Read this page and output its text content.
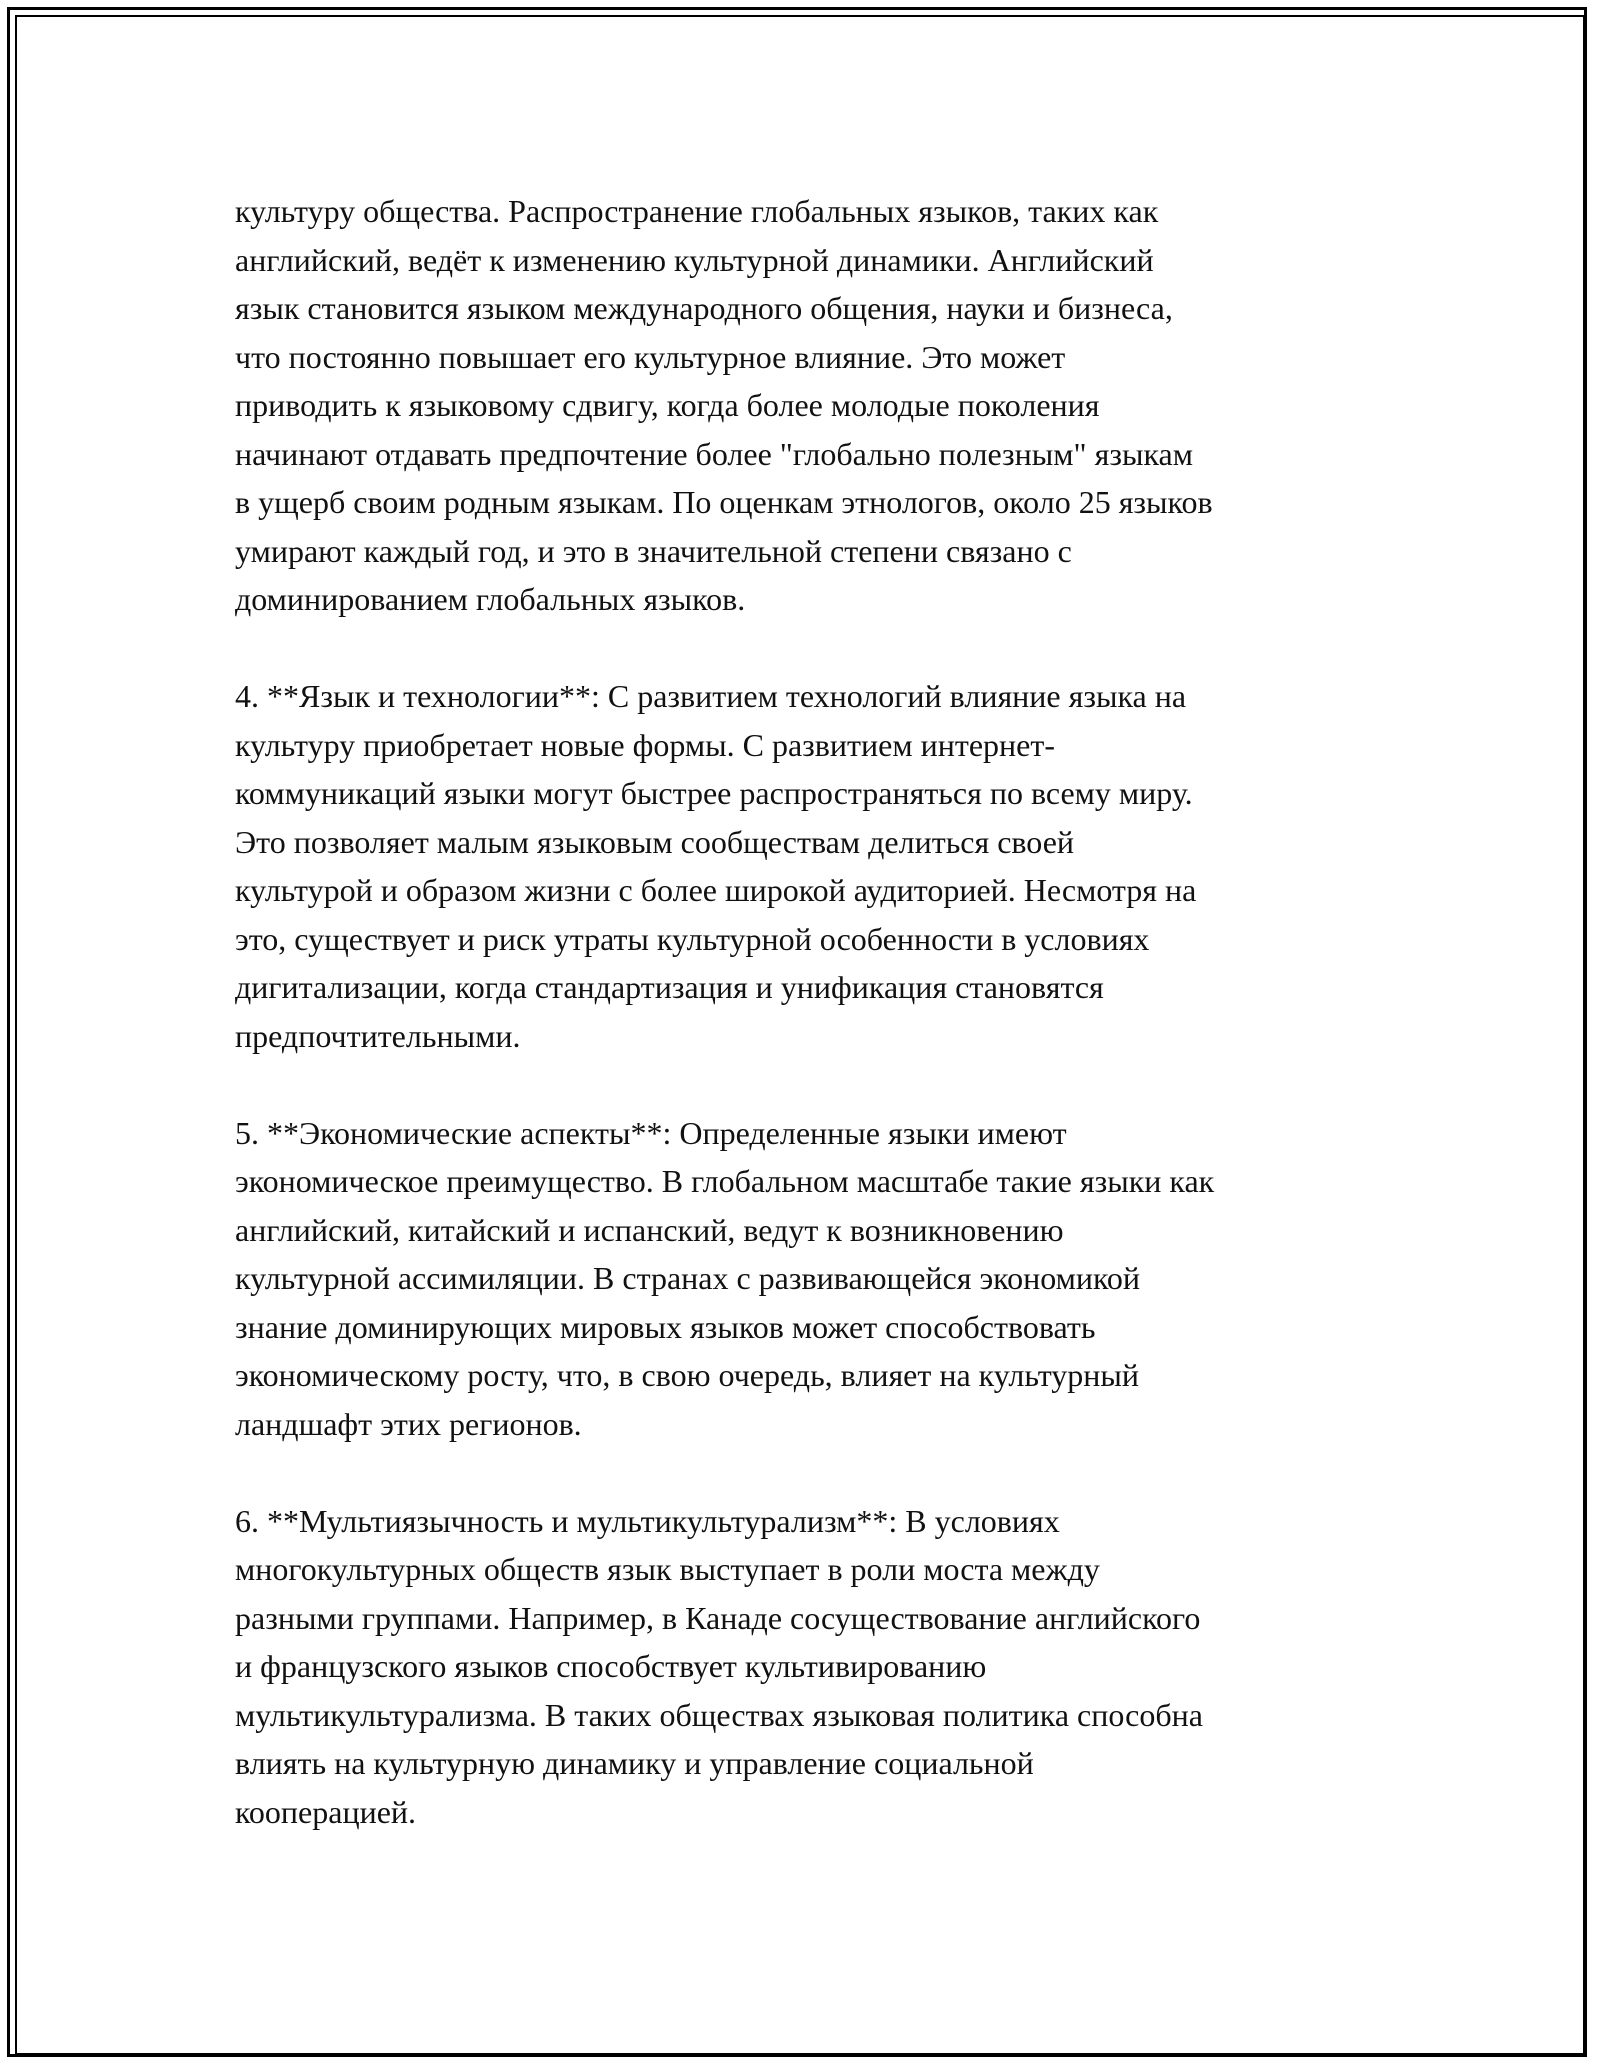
культуру общества. Распространение глобальных языков, таких как
английский, ведёт к изменению культурной динамики. Английский
язык становится языком международного общения, науки и бизнеса,
что постоянно повышает его культурное влияние. Это может
приводить к языковому сдвигу, когда более молодые поколения
начинают отдавать предпочтение более "глобально полезным" языкам
в ущерб своим родным языкам. По оценкам этнологов, около 25 языков
умирают каждый год, и это в значительной степени связано с
доминированием глобальных языков.

4. **Язык и технологии**: С развитием технологий влияние языка на
культуру приобретает новые формы. С развитием интернет-
коммуникаций языки могут быстрее распространяться по всему миру.
Это позволяет малым языковым сообществам делиться своей
культурой и образом жизни с более широкой аудиторией. Несмотря на
это, существует и риск утраты культурной особенности в условиях
дигитализации, когда стандартизация и унификация становятся
предпочтительными.

5. **Экономические аспекты**: Определенные языки имеют
экономическое преимущество. В глобальном масштабе такие языки как
английский, китайский и испанский, ведут к возникновению
культурной ассимиляции. В странах с развивающейся экономикой
знание доминирующих мировых языков может способствовать
экономическому росту, что, в свою очередь, влияет на культурный
ландшафт этих регионов.

6. **Мультиязычность и мультикультурализм**: В условиях
многокультурных обществ язык выступает в роли моста между
разными группами. Например, в Канаде сосуществование английского
и французского языков способствует культивированию
мультикультурализма. В таких обществах языковая политика способна
влиять на культурную динамику и управление социальной
кооперацией.
